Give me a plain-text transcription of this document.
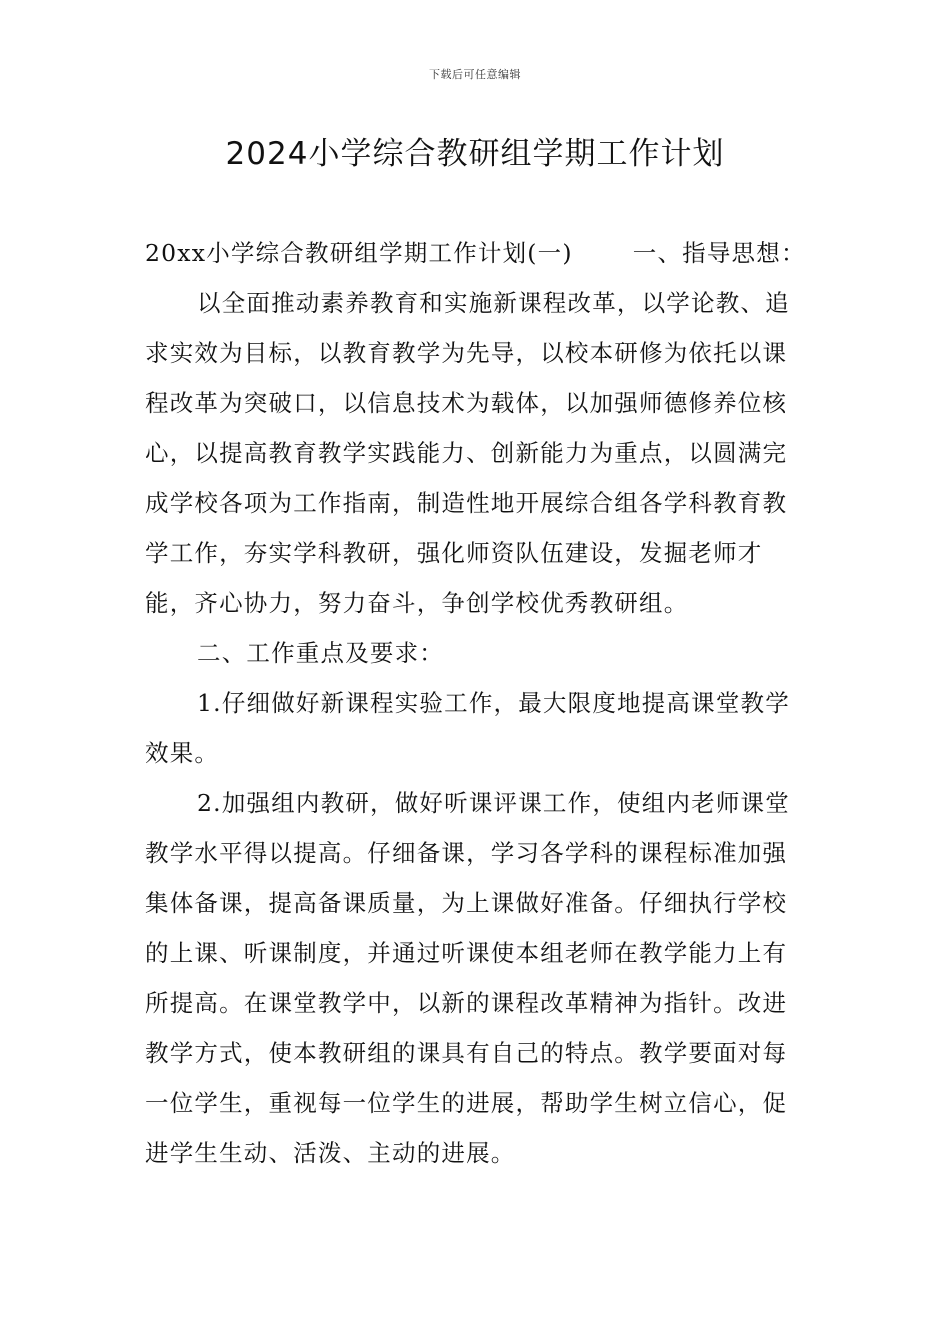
下载后可任意编辑
2024小学综合教研组学期工作计划

20xx小学综合教研组学期工作计划(一)	一、指导思想：

以全面推动素养教育和实施新课程改革，以学论教、追求实效为目标，以教育教学为先导，以校本研修为依托以课程改革为突破口，以信息技术为载体，以加强师德修养位核心，以提高教育教学实践能力、创新能力为重点，以圆满完成学校各项为工作指南，制造性地开展综合组各学科教育教学工作，夯实学科教研，强化师资队伍建设，发掘老师才能，齐心协力，努力奋斗，争创学校优秀教研组。

二、工作重点及要求：

1.仔细做好新课程实验工作，最大限度地提高课堂教学效果。

2.加强组内教研，做好听课评课工作，使组内老师课堂教学水平得以提高。仔细备课，学习各学科的课程标准加强集体备课，提高备课质量，为上课做好准备。仔细执行学校的上课、听课制度，并通过听课使本组老师在教学能力上有所提高。在课堂教学中，以新的课程改革精神为指针。改进教学方式，使本教研组的课具有自己的特点。教学要面对每一位学生，重视每一位学生的进展，帮助学生树立信心，促进学生生动、活泼、主动的进展。
